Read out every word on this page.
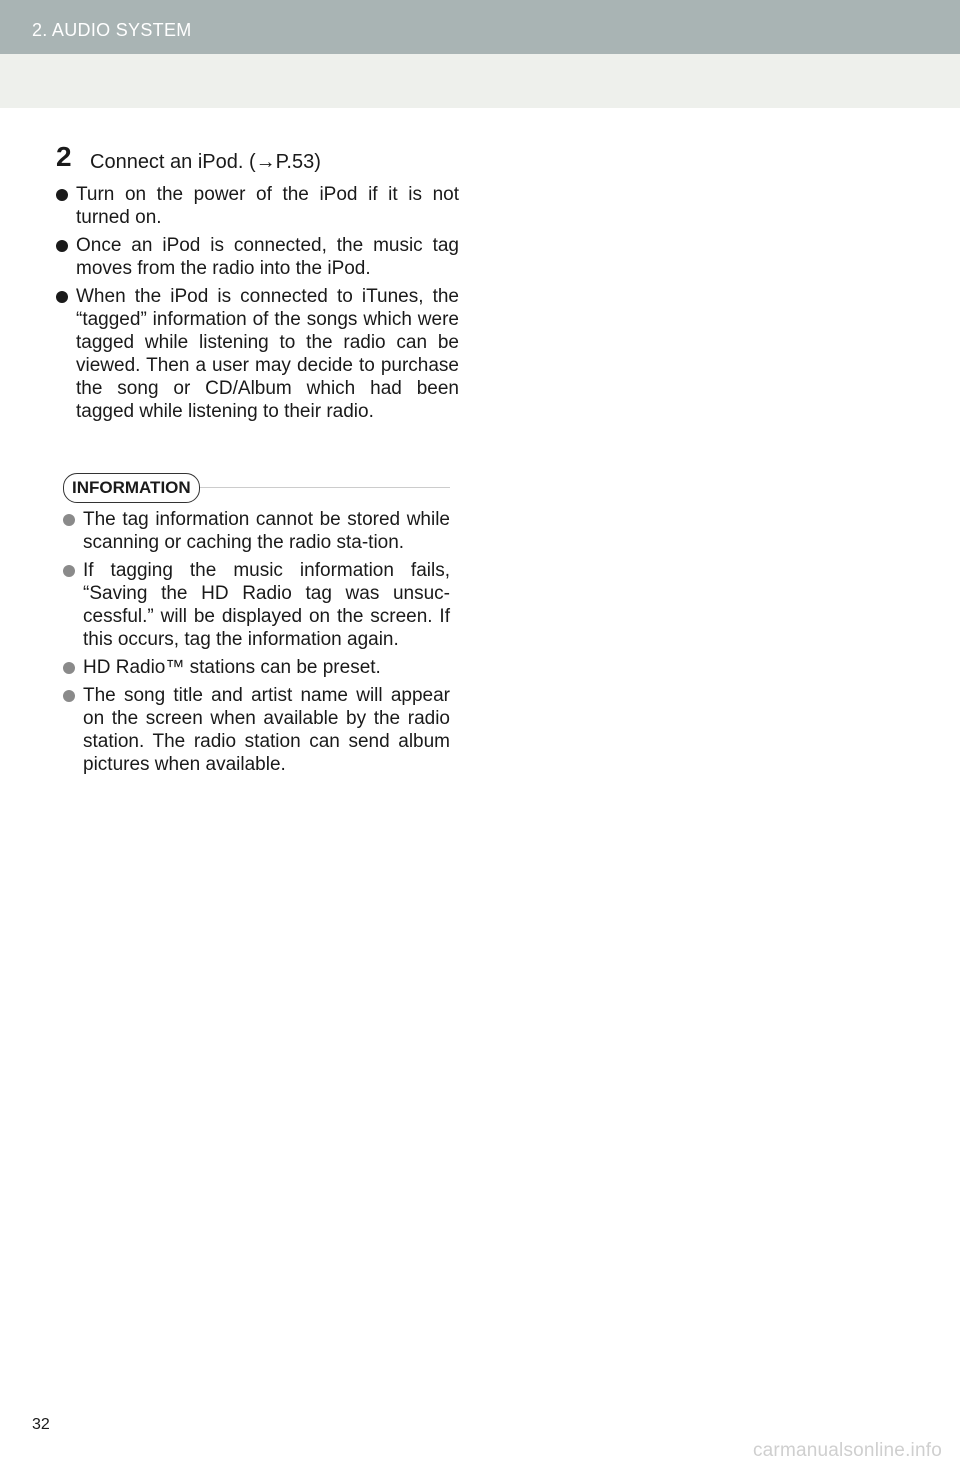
2. AUDIO SYSTEM
2 Connect an iPod. (→P.53)
Turn on the power of the iPod if it is not turned on.
Once an iPod is connected, the music tag moves from the radio into the iPod.
When the iPod is connected to iTunes, the “tagged” information of the songs which were tagged while listening to the radio can be viewed. Then a user may decide to purchase the song or CD/Album which had been tagged while listening to their radio.
INFORMATION
The tag information cannot be stored while scanning or caching the radio sta-tion.
If tagging the music information fails, “Saving the HD Radio tag was unsuc-cessful.” will be displayed on the screen. If this occurs, tag the information again.
HD Radio™ stations can be preset.
The song title and artist name will appear on the screen when available by the radio station. The radio station can send album pictures when available.
32
carmanualsonline.info
